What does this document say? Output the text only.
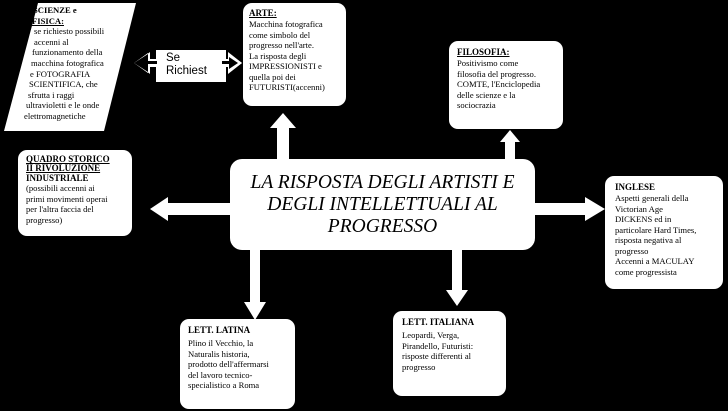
SCIENZE e
FISICA:
se richiesto possibili
accenni al
funzionamento della
macchina fotografica
e FOTOGRAFIA
SCIENTIFICA, che
sfrutta i raggi
ultravioletti e le onde
elettromagnetiche
Se
Richiest
ARTE:

Macchina fotografica

come simbolo del

progresso nell'arte.

La risposta degli

IMPRESSIONISTI e

quella poi dei

FUTURISTI(accenni)

FILOSOFIA:

Positivismo come

filosofia del progresso.

COMTE, l'Enciclopedia

delle scienze e la

sociocrazia

QUADRO STORICO
II RIVOLUZIONE
INDUSTRIALE

(possibili accenni ai

primi movimenti operai

per l'altra faccia del

progresso)

LA RISPOSTA DEGLI ARTISTI E DEGLI INTELLETTUALI AL PROGRESSO
INGLESE

Aspetti generali della

Victorian Age

DICKENS ed in

particolare Hard Times,

risposta negativa al

progresso

Accenni a MACULAY

come progressista

LETT. LATINA

Plino il Vecchio, la

Naturalis historia,

prodotto dell'affermarsi

del lavoro tecnico-

specialistico a Roma

LETT. ITALIANA

Leopardi, Verga,

Pirandello, Futuristi:

risposte differenti al

progresso
